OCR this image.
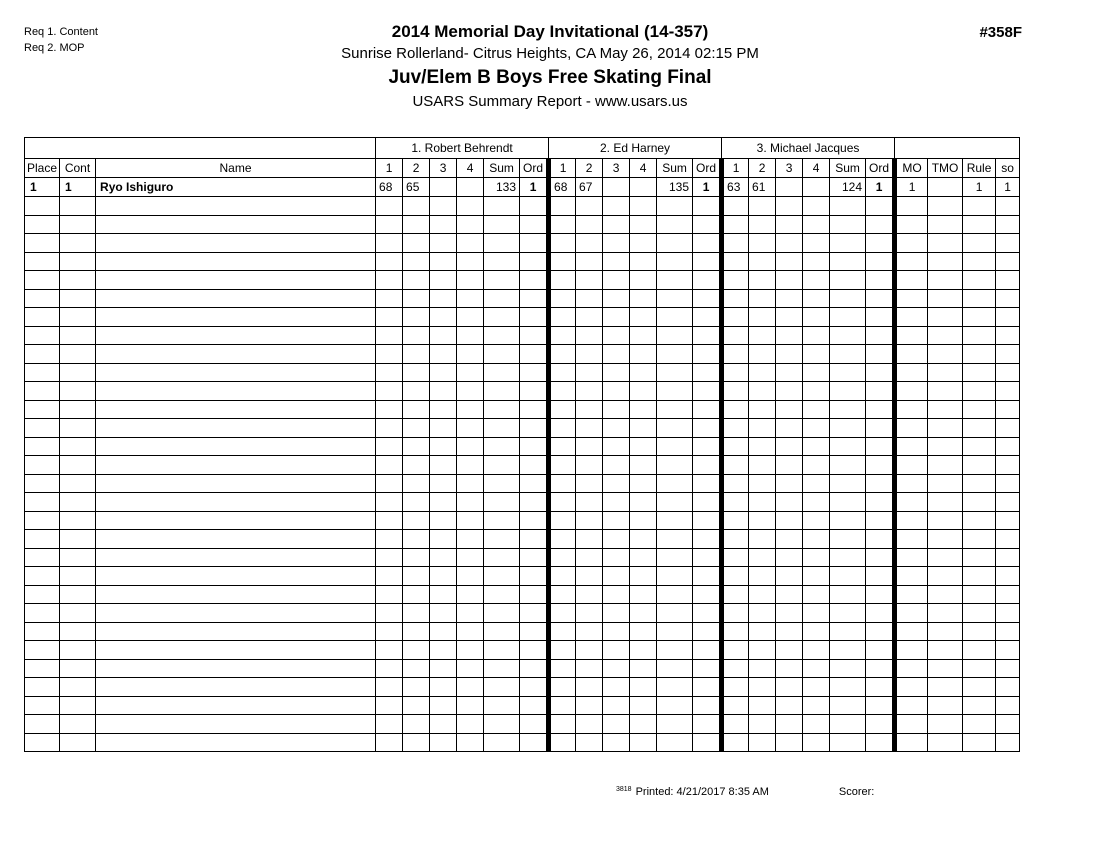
Req 1. Content
Req 2. MOP
#358F
2014 Memorial Day Invitational (14-357)
Sunrise Rollerland- Citrus Heights, CA May 26, 2014 02:15 PM
Juv/Elem B Boys Free Skating Final
USARS Summary Report - www.usars.us
			1. Robert Behrendt						2. Ed Harney						3. Michael Jacques									
Place	Cont	Name	1	2	3	4	Sum	Ord	1	2	3	4	Sum	Ord	1	2	3	4	Sum	Ord	MO	TMO	Rule	so
1	1	Ryo Ishiguro	68	65			133	1	68	67			135	1	63	61			124	1	1		1	1

$^{3818}$ Printed: 4/21/2017 8:35 AM	Scorer:
